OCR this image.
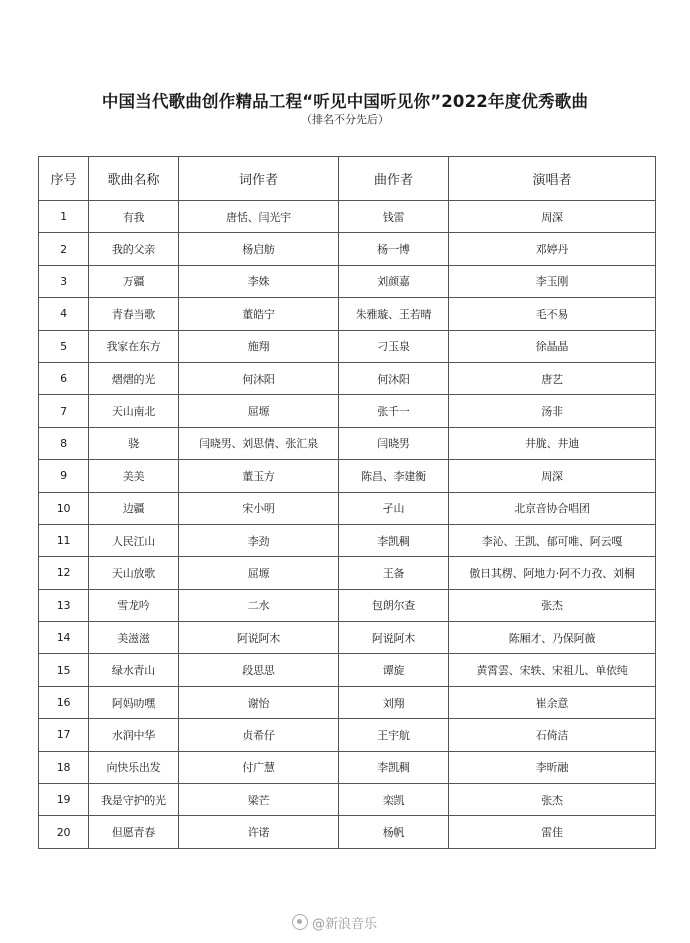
中国当代歌曲创作精品工程“听见中国听见你”2022年度优秀歌曲
（排名不分先后）
序号	歌曲名称	词作者	曲作者	演唱者
1	有我	唐恬、闫光宇	钱雷	周深
2	我的父亲	杨启舫	杨一博	邓婷丹
3	万疆	李姝	刘颜嘉	李玉刚
4	青春当歌	董皓宁	朱雅璇、王若晴	毛不易
5	我家在东方	施翔	刁玉泉	徐晶晶
6	熠熠的光	何沐阳	何沐阳	唐艺
7	天山南北	屈塬	张千一	汤非
8	骁	闫晓男、刘思倩、张汇泉	闫晓男	井胧、井迪
9	美美	董玉方	陈昌、李建衡	周深
10	边疆	宋小明	孑山	北京音协合唱团
11	人民江山	李劲	李凯稠	李沁、王凯、郁可唯、阿云嘎
12	天山放歌	屈塬	王备	傲日其楞、阿地力·阿不力孜、刘桐
13	雪龙吟	二水	包朗尔查	张杰
14	美滋滋	阿说阿木	阿说阿木	陈厢才、乃保阿薇
15	绿水青山	段思思	谭旋	黄霄雲、宋轶、宋祖儿、单依纯
16	阿妈叻嘿	谢怡	刘翔	崔余意
17	水润中华	贞希仔	王宇航	石倚洁
18	向快乐出发	付广慧	李凯稠	李昕融
19	我是守护的光	梁芒	栾凯	张杰
20	但愿青春	许诺	杨帆	雷佳
@新浪音乐
